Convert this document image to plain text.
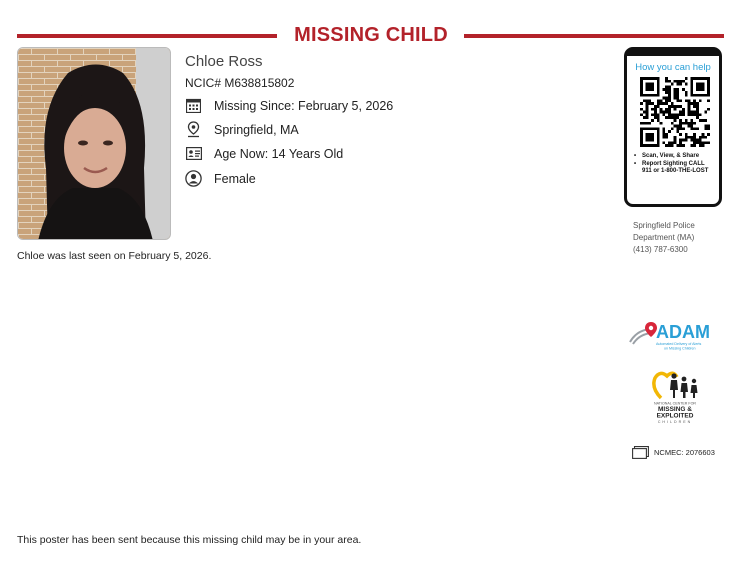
MISSING CHILD
Chloe Ross
NCIC# M638815802
Missing Since: February 5, 2026
Springfield, MA
Age Now: 14 Years Old
Female
Chloe was last seen on February 5, 2026.
How you can help
• Scan, View, & Share
• Report Sighting CALL 911 or 1-800-THE-LOST
Springfield Police
Department (MA)
(413) 787-6300
ADAM
Automated Delivery of Alerts
on Missing Children
NATIONAL CENTER FOR
MISSING &
EXPLOITED
CHILDREN
NCMEC: 2076603
This poster has been sent because this missing child may be in your area.
